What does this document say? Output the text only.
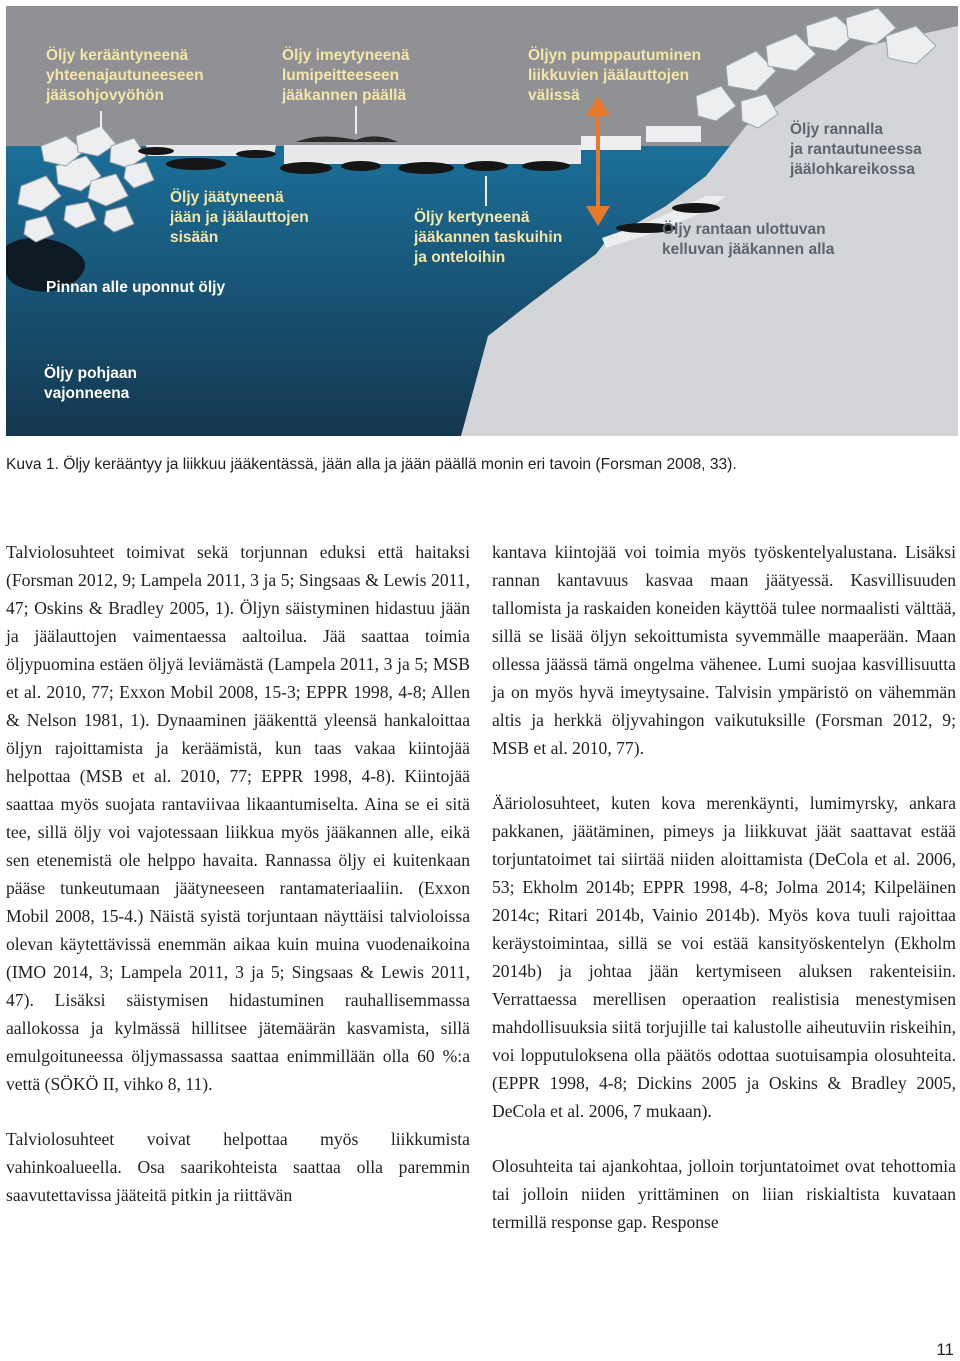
Öljy kerääntyneenä
yhteenajautuneeseen
jääsohjovyöhön
Öljy imeytyneenä
lumipeitteeseen
jääkannen päällä
Öljyn pumppautuminen
liikkuvien jäälauttojen
välissä
Öljy rannalla
ja rantautuneessa
jäälohkareikossa
Öljy jäätyneenä
jään ja jäälauttojen
sisään
Öljy kertyneenä
jääkannen taskuihin
ja onteloihin
Öljy rantaan ulottuvan
kelluvan jääkannen alla
Pinnan alle uponnut öljy
Öljy pohjaan
vajonneena
Kuva 1. Öljy kerääntyy ja liikkuu jääkentässä, jään alla ja jään päällä monin eri tavoin (Forsman 2008, 33).

Talviolosuhteet toimivat sekä torjunnan eduksi että haitaksi (Forsman 2012, 9; Lampela 2011, 3 ja 5; Singsaas & Lewis 2011, 47; Oskins & Bradley 2005, 1). Öljyn säistyminen hidastuu jään ja jäälauttojen vaimentaessa aaltoilua. Jää saattaa toimia öljypuomina estäen öljyä leviämästä (Lampela 2011, 3 ja 5; MSB et al. 2010, 77; Exxon Mobil 2008, 15-3; EPPR 1998, 4-8; Allen & Nelson 1981, 1). Dynaaminen jääkenttä yleensä hankaloittaa öljyn rajoittamista ja keräämistä, kun taas vakaa kiintojää helpottaa (MSB et al. 2010, 77; EPPR 1998, 4-8). Kiintojää saattaa myös suojata rantaviivaa likaantumiselta. Aina se ei sitä tee, sillä öljy voi vajotessaan liikkua myös jääkannen alle, eikä sen etenemistä ole helppo havaita. Rannassa öljy ei kuitenkaan pääse tunkeutumaan jäätyneeseen rantamateriaaliin. (Exxon Mobil 2008, 15-4.) Näistä syistä torjuntaan näyttäisi talvioloissa olevan käytettävissä enemmän aikaa kuin muina vuodenaikoina (IMO 2014, 3; Lampela 2011, 3 ja 5; Singsaas & Lewis 2011, 47). Lisäksi säistymisen hidastuminen rauhallisemmassa aallokossa ja kylmässä hillitsee jätemäärän kasvamista, sillä emulgoituneessa öljymassassa saattaa enimmillään olla 60 %:a vettä (SÖKÖ II, vihko 8, 11).

Talviolosuhteet voivat helpottaa myös liikkumista vahinkoalueella. Osa saarikohteista saattaa olla paremmin saavutettavissa jääteitä pitkin ja riittävän

kantava kiintojää voi toimia myös työskentelyalustana. Lisäksi rannan kantavuus kasvaa maan jäätyessä. Kasvillisuuden tallomista ja raskaiden koneiden käyttöä tulee normaalisti välttää, sillä se lisää öljyn sekoittumista syvemmälle maaperään. Maan ollessa jäässä tämä ongelma vähenee. Lumi suojaa kasvillisuutta ja on myös hyvä imeytysaine. Talvisin ympäristö on vähemmän altis ja herkkä öljyvahingon vaikutuksille (Forsman 2012, 9; MSB et al. 2010, 77).

Ääriolosuhteet, kuten kova merenkäynti, lumimyrsky, ankara pakkanen, jäätäminen, pimeys ja liikkuvat jäät saattavat estää torjuntatoimet tai siirtää niiden aloittamista (DeCola et al. 2006, 53; Ekholm 2014b; EPPR 1998, 4-8; Jolma 2014; Kilpeläinen 2014c; Ritari 2014b, Vainio 2014b). Myös kova tuuli rajoittaa keräystoimintaa, sillä se voi estää kansityöskentelyn (Ekholm 2014b) ja johtaa jään kertymiseen aluksen rakenteisiin. Verrattaessa merellisen operaation realistisia menestymisen mahdollisuuksia siitä torjujille tai kalustolle aiheutuviin riskeihin, voi lopputuloksena olla päätös odottaa suotuisampia olosuhteita. (EPPR 1998, 4-8; Dickins 2005 ja Oskins & Bradley 2005, DeCola et al. 2006, 7 mukaan).

Olosuhteita tai ajankohtaa, jolloin torjuntatoimet ovat tehottomia tai jolloin niiden yrittäminen on liian riskialtista kuvataan termillä response gap. Response

11
